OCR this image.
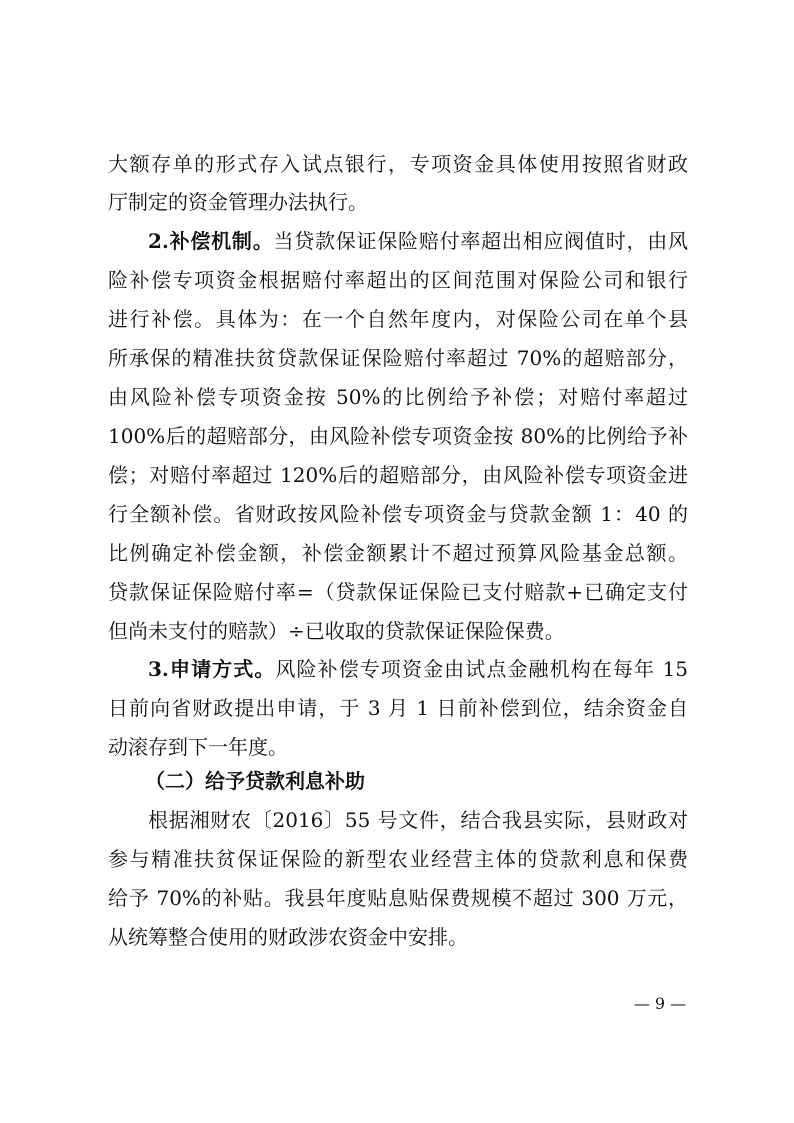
大额存单的形式存入试点银行，专项资金具体使用按照省财政
厅制定的资金管理办法执行。
2.补偿机制。当贷款保证保险赔付率超出相应阀值时，由风
险补偿专项资金根据赔付率超出的区间范围对保险公司和银行
进行补偿。具体为：在一个自然年度内，对保险公司在单个县
所承保的精准扶贫贷款保证保险赔付率超过 70%的超赔部分，
由风险补偿专项资金按 50%的比例给予补偿；对赔付率超过
100%后的超赔部分，由风险补偿专项资金按 80%的比例给予补
偿；对赔付率超过 120%后的超赔部分，由风险补偿专项资金进
行全额补偿。省财政按风险补偿专项资金与贷款金额 1：40 的
比例确定补偿金额，补偿金额累计不超过预算风险基金总额。
贷款保证保险赔付率=（贷款保证保险已支付赔款+已确定支付
但尚未支付的赔款）÷已收取的贷款保证保险保费。
3.申请方式。风险补偿专项资金由试点金融机构在每年 15
日前向省财政提出申请，于 3 月 1 日前补偿到位，结余资金自
动滚存到下一年度。
（二）给予贷款利息补助
根据湘财农〔2016〕55 号文件，结合我县实际，县财政对
参与精准扶贫保证保险的新型农业经营主体的贷款利息和保费
给予 70%的补贴。我县年度贴息贴保费规模不超过 300 万元，
从统筹整合使用的财政涉农资金中安排。
— 9 —
